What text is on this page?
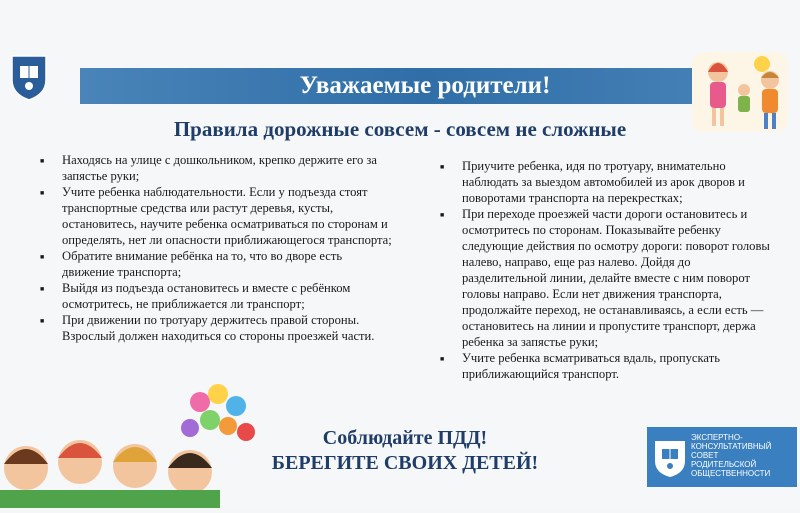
Уважаемые родители!
Правила дорожные совсем - совсем не сложные
■ Находясь на улице с дошкольником, крепко держите его за запястье руки;
■ Учите ребенка наблюдательности. Если у подъезда стоят транспортные средства или растут деревья, кусты, остановитесь, научите ребенка осматриваться по сторонам и определять, нет ли опасности приближающегося транспорта;
■ Обратите внимание ребёнка на то, что во дворе есть движение транспорта;
■ Выйдя из подъезда остановитесь и вместе с ребёнком осмотритесь, не приближается ли транспорт;
■ При движении по тротуару держитесь правой стороны. Взрослый должен находиться со стороны проезжей части.
■ Приучите ребенка, идя по тротуару, внимательно наблюдать за выездом автомобилей из арок дворов и поворотами транспорта на перекрестках;
■ При переходе проезжей части дороги остановитесь и осмотритесь по сторонам. Показывайте ребенку следующие действия по осмотру дороги: поворот головы налево, направо, еще раз налево. Дойдя до разделительной линии, делайте вместе с ним поворот головы направо. Если нет движения транспорта, продолжайте переход, не останавливаясь, а если есть — остановитесь на линии и пропустите транспорт, держа ребенка за запястье руки;
■ Учите ребенка всматриваться вдаль, пропускать приближающийся транспорт.
Соблюдайте ПДД!
БЕРЕГИТЕ СВОИХ ДЕТЕЙ!
ЭКСПЕРТНО-
КОНСУЛЬТАТИВНЫЙ
СОВЕТ
РОДИТЕЛЬСКОЙ
ОБЩЕСТВЕННОСТИ
